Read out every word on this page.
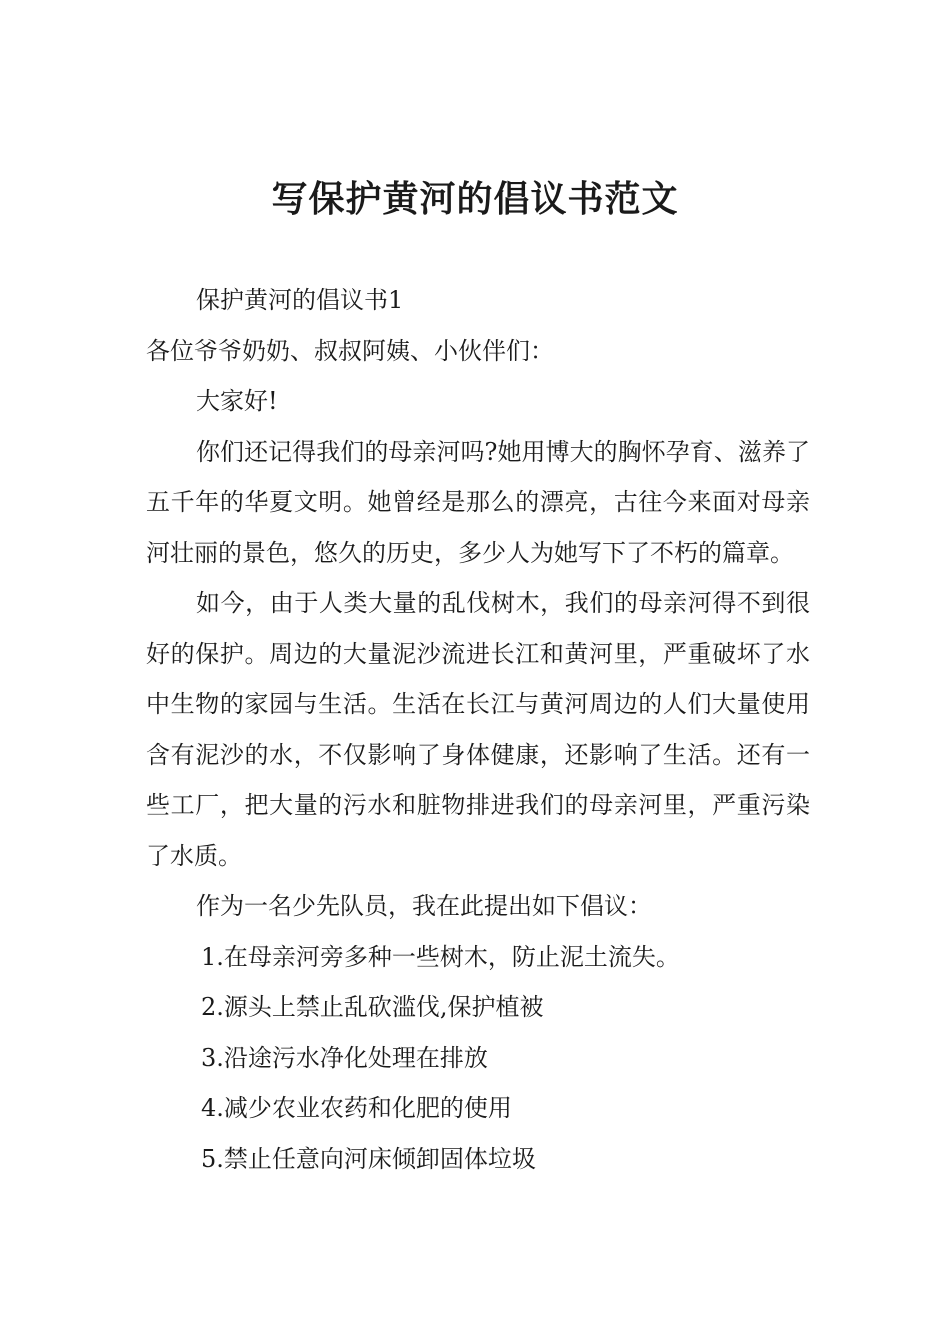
写保护黄河的倡议书范文

保护黄河的倡议书1

各位爷爷奶奶、叔叔阿姨、小伙伴们：

大家好!

你们还记得我们的母亲河吗?她用博大的胸怀孕育、滋养了五千年的华夏文明。她曾经是那么的漂亮，古往今来面对母亲河壮丽的景色，悠久的历史，多少人为她写下了不朽的篇章。

如今，由于人类大量的乱伐树木，我们的母亲河得不到很好的保护。周边的大量泥沙流进长江和黄河里，严重破坏了水中生物的家园与生活。生活在长江与黄河周边的人们大量使用含有泥沙的水，不仅影响了身体健康，还影响了生活。还有一些工厂，把大量的污水和脏物排进我们的母亲河里，严重污染了水质。

作为一名少先队员，我在此提出如下倡议：

1.在母亲河旁多种一些树木，防止泥土流失。

2.源头上禁止乱砍滥伐,保护植被

3.沿途污水净化处理在排放

4.减少农业农药和化肥的使用

5.禁止任意向河床倾卸固体垃圾
